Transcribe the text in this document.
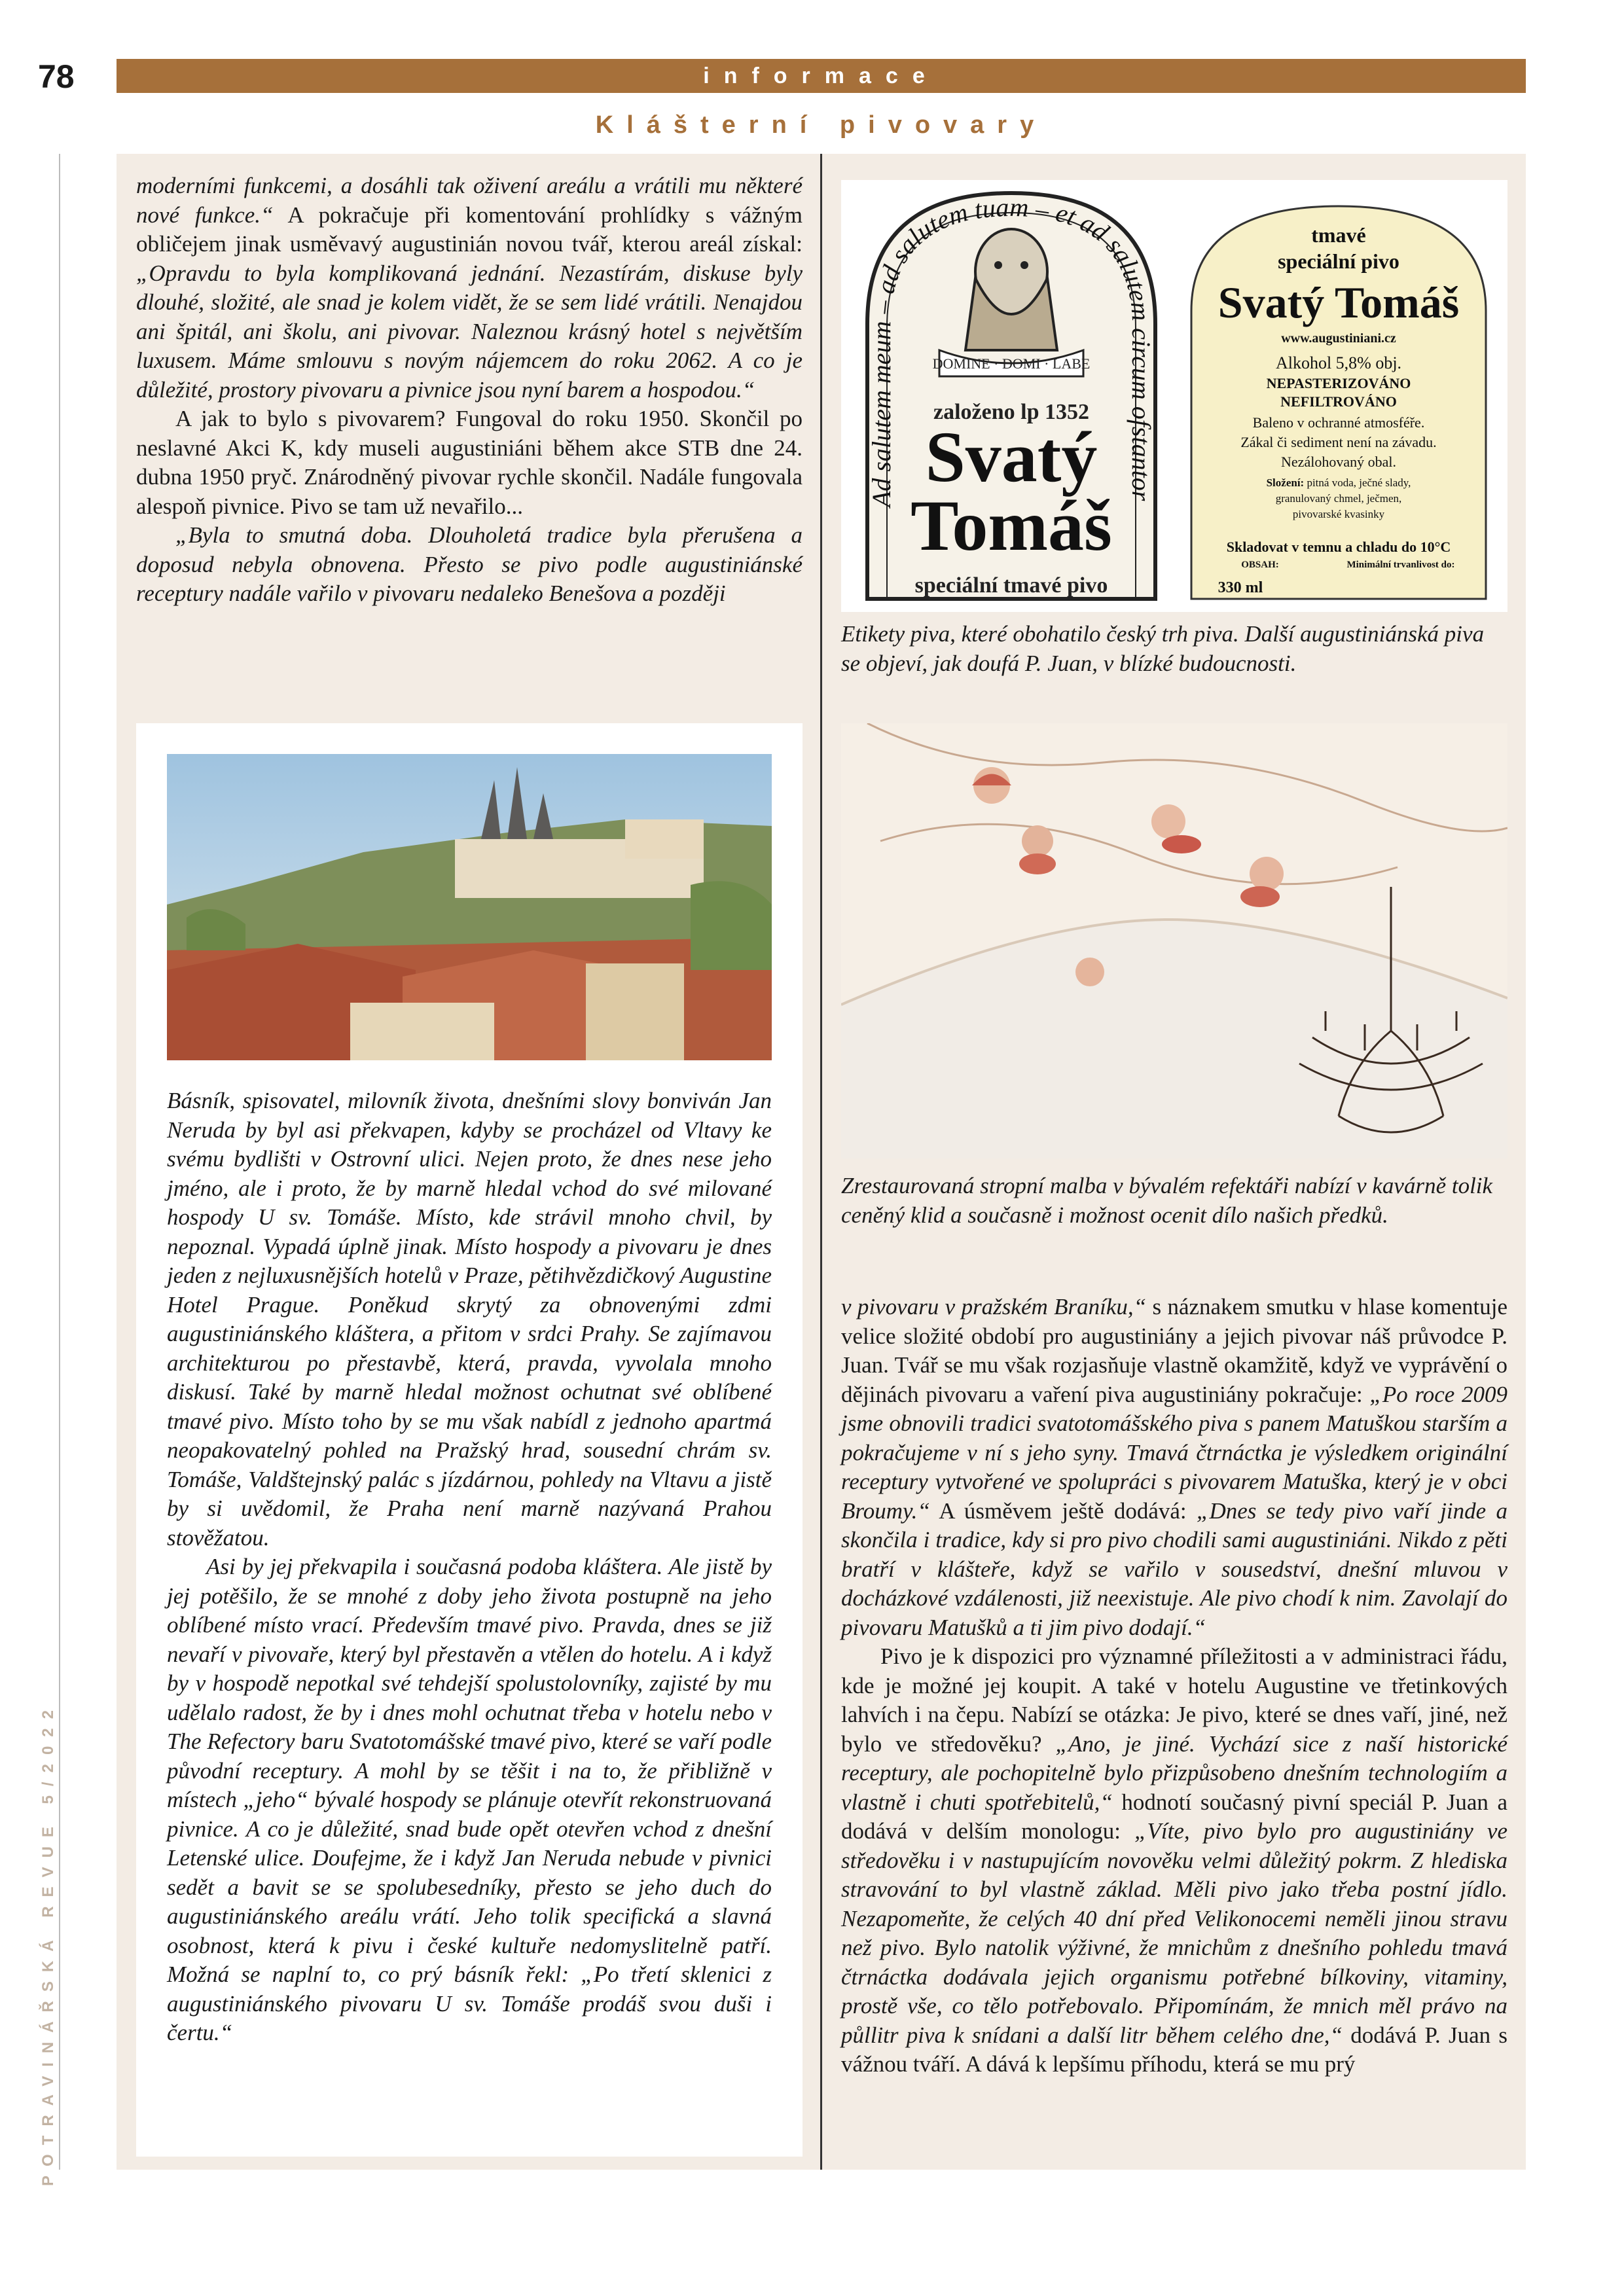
78	informace
Klášterní pivovary
POTRAVINÁŘSKÁ REVUE 5/2022

moderními funkcemi, a dosáhli tak oživení areálu a vrátili mu některé nové funkce.“ A pokračuje při komentování prohlídky s vážným obličejem jinak usměvavý augustinián novou tvář, kterou areál získal: „Opravdu to byla komplikovaná jednání. Nezastírám, diskuse byly dlouhé, složité, ale snad je kolem vidět, že se sem lidé vrátili. Nenajdou ani špitál, ani školu, ani pivovar. Naleznou krásný hotel s největším luxusem. Máme smlouvu s novým nájemcem do roku 2062. A co je důležité, prostory pivovaru a pivnice jsou nyní barem a hospodou.“

A jak to bylo s pivovarem? Fungoval do roku 1950. Skončil po neslavné Akci K, kdy museli augustiniáni během akce STB dne 24. dubna 1950 pryč. Znárodněný pivovar rychle skončil. Nadále fungovala alespoň pivnice. Pivo se tam už nevařilo...

„Byla to smutná doba. Dlouholetá tradice byla přerušena a doposud nebyla obnovena. Přesto se pivo podle augustiniánské receptury nadále vařilo v pivovaru nedaleko Benešova a později

Ad salutem meum – ad salutem tuam – et ad salutem circum ofstantor
DOMINE · DOMI · LABE
založeno lp 1352
Svatý
Tomáš
speciální tmavé pivo
tmavé
speciální pivo
Svatý Tomáš
www.augustiniani.cz
Alkohol 5,8% obj.
NEPASTERIZOVÁNO
NEFILTROVÁNO
Baleno v ochranné atmosféře.
Zákal či sediment není na závadu.
Nezálohovaný obal.
Složení: pitná voda, ječné slady,
granulovaný chmel, ječmen,
pivovarské kvasinky
Skladovat v temnu a chladu do 10°C
OBSAH:	Minimální trvanlivost do:
330 ml
Etikety piva, které obohatilo český trh piva. Další augustiniánská piva se objeví, jak doufá P. Juan, v blízké budoucnosti.

Básník, spisovatel, milovník života, dnešními slovy bonviván Jan Neruda by byl asi překvapen, kdyby se procházel od Vltavy ke svému bydlišti v Ostrovní ulici. Nejen proto, že dnes nese jeho jméno, ale i proto, že by marně hledal vchod do své milované hospody U sv. Tomáše. Místo, kde strávil mnoho chvil, by nepoznal. Vypadá úplně jinak. Místo hospody a pivovaru je dnes jeden z nejluxusnějších hotelů v Praze, pětihvězdičkový Augustine Hotel Prague. Poněkud skrytý za obnovenými zdmi augustiniánského kláštera, a přitom v srdci Prahy. Se zajímavou architekturou po přestavbě, která, pravda, vyvolala mnoho diskusí. Také by marně hledal možnost ochutnat své oblíbené tmavé pivo. Místo toho by se mu však nabídl z jednoho apartmá neopakovatelný pohled na Pražský hrad, sousední chrám sv. Tomáše, Valdštejnský palác s jízdárnou, pohledy na Vltavu a jistě by si uvědomil, že Praha není marně nazývaná Prahou stověžatou.

Asi by jej překvapila i současná podoba kláštera. Ale jistě by jej potěšilo, že se mnohé z doby jeho života postupně na jeho oblíbené místo vrací. Především tmavé pivo. Pravda, dnes se již nevaří v pivovaře, který byl přestavěn a vtělen do hotelu. A i když by v hospodě nepotkal své tehdejší spolustolovníky, zajisté by mu udělalo radost, že by i dnes mohl ochutnat třeba v hotelu nebo v The Refectory baru Svatotomášské tmavé pivo, které se vaří podle původní receptury. A mohl by se těšit i na to, že přibližně v místech „jeho“ bývalé hospody se plánuje otevřít rekonstruovaná pivnice. A co je důležité, snad bude opět otevřen vchod z dnešní Letenské ulice. Doufejme, že i když Jan Neruda nebude v pivnici sedět a bavit se se spolubesedníky, přesto se jeho duch do augustiniánského areálu vrátí. Jeho tolik specifická a slavná osobnost, která k pivu i české kultuře nedomyslitelně patří. Možná se naplní to, co prý básník řekl: „Po třetí sklenici z augustiniánského pivovaru U sv. Tomáše prodáš svou duši i čertu.“

Zrestaurovaná stropní malba v bývalém refektáři nabízí v kavárně tolik ceněný klid a současně i možnost ocenit dílo našich předků.

v pivovaru v pražském Braníku,“ s náznakem smutku v hlase komentuje velice složité období pro augustiniány a jejich pivovar náš průvodce P. Juan. Tvář se mu však rozjasňuje vlastně okamžitě, když ve vyprávění o dějinách pivovaru a vaření piva augustiniány pokračuje: „Po roce 2009 jsme obnovili tradici svatotomášského piva s panem Matuškou starším a pokračujeme v ní s jeho syny. Tmavá čtrnáctka je výsledkem originální receptury vytvořené ve spolupráci s pivovarem Matuška, který je v obci Broumy.“ A úsměvem ještě dodává: „Dnes se tedy pivo vaří jinde a skončila i tradice, kdy si pro pivo chodili sami augustiniáni. Nikdo z pěti bratří v klášteře, když se vařilo v sousedství, dnešní mluvou v docházkové vzdálenosti, již neexistuje. Ale pivo chodí k nim. Zavolají do pivovaru Matušků a ti jim pivo dodají.“

Pivo je k dispozici pro významné příležitosti a v administraci řádu, kde je možné jej koupit. A také v hotelu Augustine ve třetinkových lahvích i na čepu. Nabízí se otázka: Je pivo, které se dnes vaří, jiné, než bylo ve středověku? „Ano, je jiné. Vychází sice z naší historické receptury, ale pochopitelně bylo přizpůsobeno dnešním technologiím a vlastně i chuti spotřebitelů,“ hodnotí současný pivní speciál P. Juan a dodává v delším monologu: „Víte, pivo bylo pro augustiniány ve středověku i v nastupujícím novověku velmi důležitý pokrm. Z hlediska stravování to byl vlastně základ. Měli pivo jako třeba postní jídlo. Nezapomeňte, že celých 40 dní před Velikonocemi neměli jinou stravu než pivo. Bylo natolik výživné, že mnichům z dnešního pohledu tmavá čtrnáctka dodávala jejich organismu potřebné bílkoviny, vitaminy, prostě vše, co tělo potřebovalo. Připomínám, že mnich měl právo na půllitr piva k snídani a další litr během celého dne,“ dodává P. Juan s vážnou tváří. A dává k lepšímu příhodu, která se mu prý
